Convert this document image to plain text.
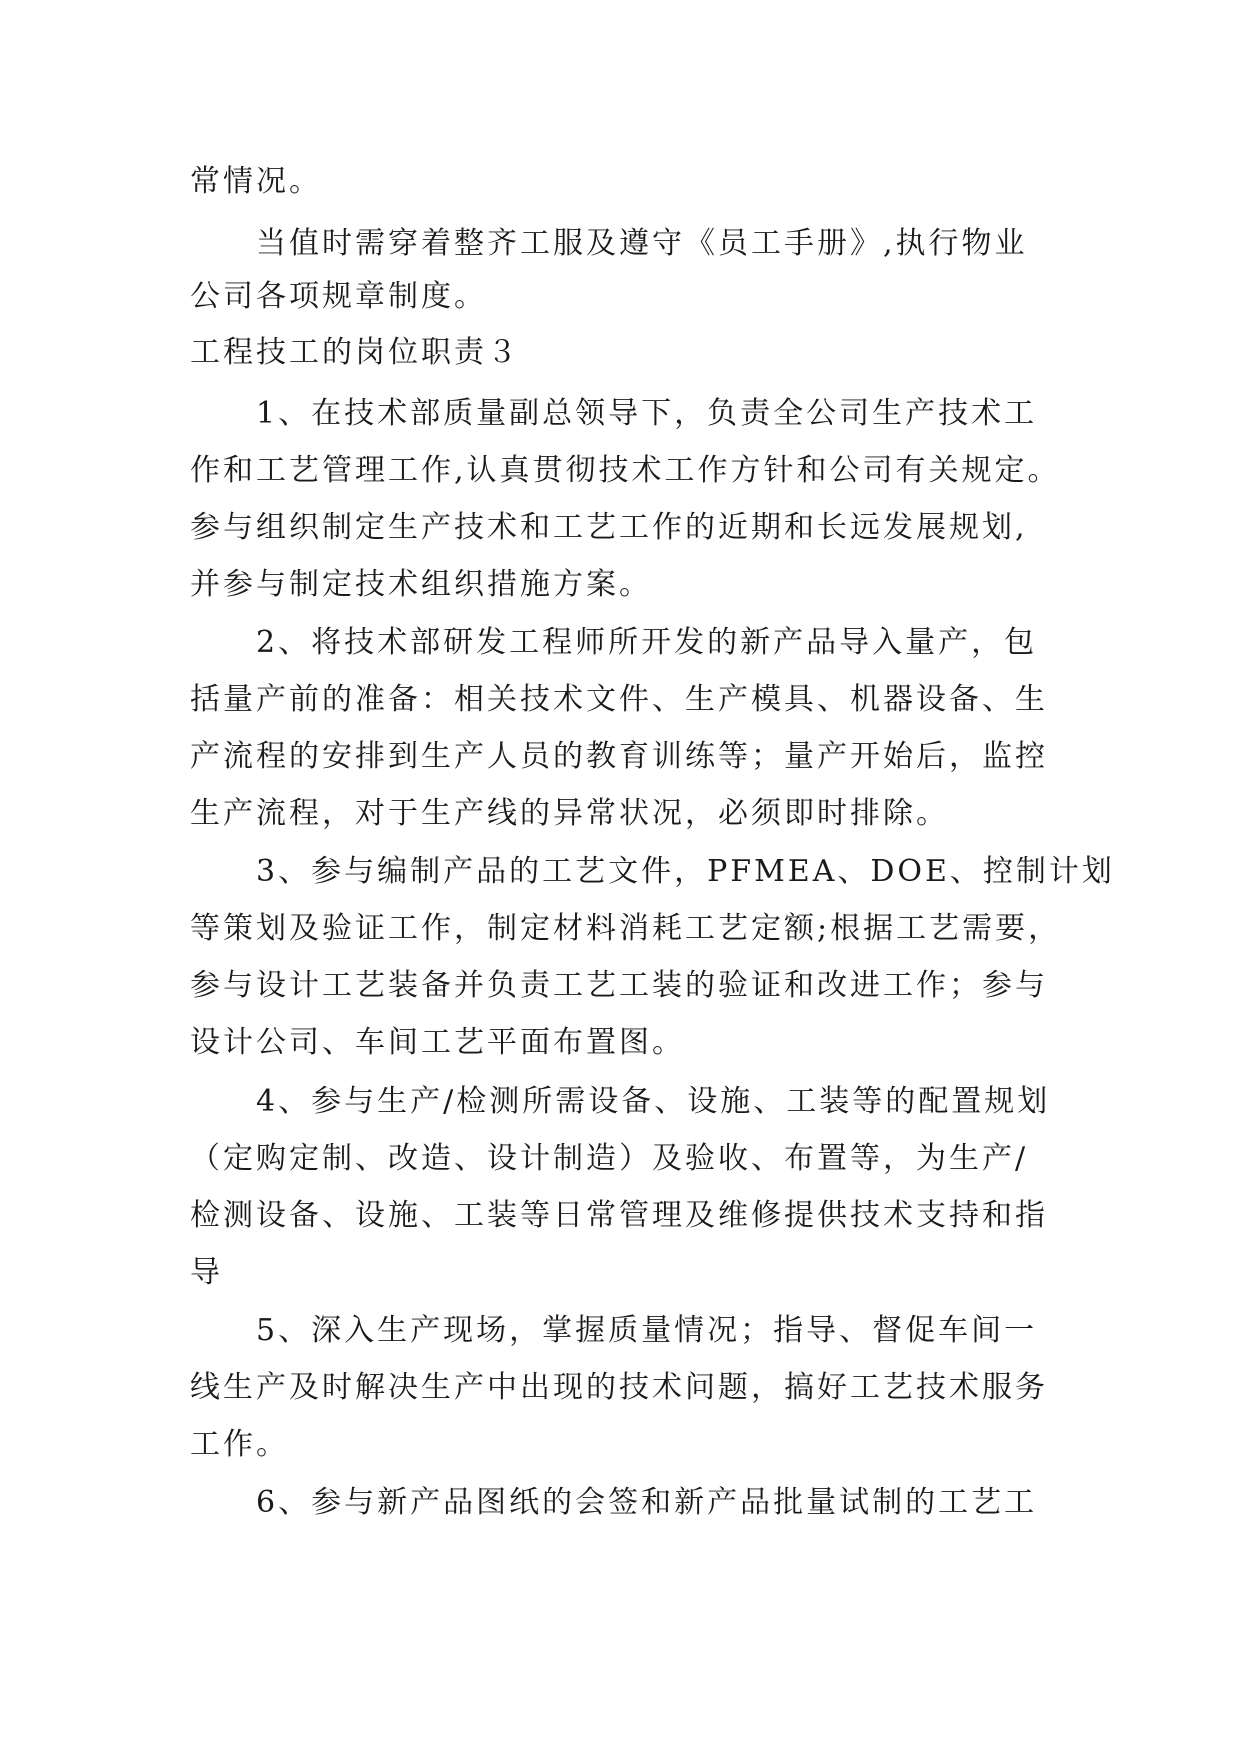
常情况。
当值时需穿着整齐工服及遵守《员工手册》,执行物业
公司各项规章制度。
工程技工的岗位职责３
1、在技术部质量副总领导下，负责全公司生产技术工
作和工艺管理工作,认真贯彻技术工作方针和公司有关规定。
参与组织制定生产技术和工艺工作的近期和长远发展规划,
并参与制定技术组织措施方案。
2、将技术部研发工程师所开发的新产品导入量产，包
括量产前的准备：相关技术文件、生产模具、机器设备、生
产流程的安排到生产人员的教育训练等；量产开始后，监控
生产流程，对于生产线的异常状况，必须即时排除。
3、参与编制产品的工艺文件，PFMEA、DOE、控制计划
等策划及验证工作，制定材料消耗工艺定额;根据工艺需要，
参与设计工艺装备并负责工艺工装的验证和改进工作；参与
设计公司、车间工艺平面布置图。
4、参与生产/检测所需设备、设施、工装等的配置规划
（定购定制、改造、设计制造）及验收、布置等，为生产/
检测设备、设施、工装等日常管理及维修提供技术支持和指
导
5、深入生产现场，掌握质量情况；指导、督促车间一
线生产及时解决生产中出现的技术问题，搞好工艺技术服务
工作。
6、参与新产品图纸的会签和新产品批量试制的工艺工
